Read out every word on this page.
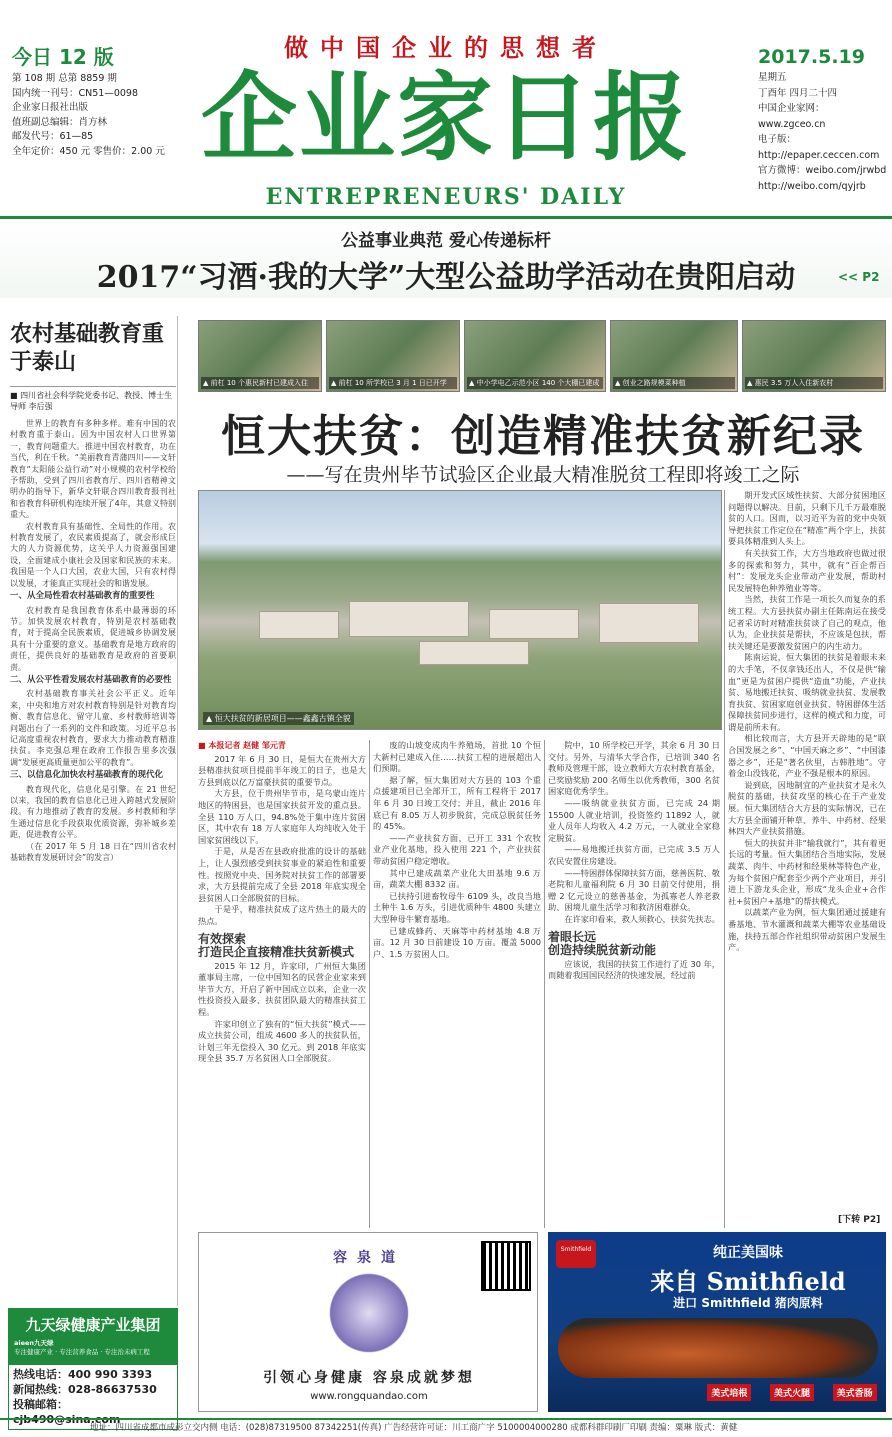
今日 12 版
第 108 期 总第 8859 期
国内统一刊号：CN51—0098
企业家日报社出版
值班副总编辑：肖方林
邮发代号：61—85
全年定价：450 元 零售价：2.00 元
做中国企业的思想者
企业家日报
ENTREPRENEURS' DAILY
2017.5.19
星期五
丁酉年 四月二十四
中国企业家网：www.zgceo.cn
电子版：
http://epaper.ceccen.com
官方微博：weibo.com/jrwbd
http://weibo.com/qyjrb
公益事业典范 爱心传递标杆
2017“习酒·我的大学”大型公益助学活动在贵阳启动	<< P2
农村基础教育重于泰山
■ 四川省社会科学院党委书记、教授、博士生导师 李后强

世界上的教育有多种多样。难有中国的农村教育重于泰山。因为中国农村人口世界第一，教育问题重大。推进中国农村教育，功在当代，利在千秋。“美丽教育青蒲四川——文轩教育“太阳能公益行动”对小规模的农村学校给予帮助，受到了四川省教育厅、四川省精神文明办的指导下，新华文轩联合四川教育报刊社和省教育科研机构连续开展了4年，其意义特别重大。

农村教育具有基础性、全局性的作用。农村教育发展了，农民素质提高了，就会形成巨大的人力资源优势，这关乎人力资源强国建设，全面建成小康社会及国家和民族的未来。我国是一个人口大国，农业大国，只有农村得以发展，才能真正实现社会的和谐发展。

一、从全局性看农村基础教育的重要性

农村教育是我国教育体系中最薄弱的环节。加快发展农村教育，特别是农村基础教育，对于提高全民族素质，促进城乡协调发展具有十分重要的意义。基础教育是地方政府的责任，提供良好的基础教育是政府的首要职责。

二、从公平性看发展农村基础教育的必要性

农村基础教育事关社会公平正义。近年来，中央和地方对农村教育特别是针对教育均衡、教育信息化、留守儿童、乡村教师培训等问题出台了一系列的文件和政策。习近平总书记高度重视农村教育，要求大力推动教育精准扶贫。李克强总理在政府工作报告里多次强调“发展更高质量更加公平的教育”。

三、以信息化加快农村基础教育的现代化

教育现代化，信息化是引擎。在 21 世纪以来，我国的教育信息化已进入跨越式发展阶段。有力地推动了教育的发展。乡村教师和学生通过信息化手段获取优质资源，弥补城乡差距，促进教育公平。

（在 2017 年 5 月 18 日在“四川省农村基础教育发展研讨会”的发言）

▲ 前杠 10 个惠民新村已建成入住	▲ 前杠 10 所学校已 3 月 1 日已开学	▲ 中小学电乙示范小区 140 个大棚已建成	▲ 创业之路规模菜种植	▲ 惠民 3.5 万人入住新农村
恒大扶贫：创造精准扶贫新纪录
——写在贵州毕节试验区企业最大精准脱贫工程即将竣工之际
▲ 恒大扶贫的新居项目——鑫鑫古镇全貌
■ 本报记者 赵健 邹元青

2017 年 6 月 30 日，是恒大在贵州大方县精准扶贫项目提前半年竣工的日子，也是大方县到底以亿万富豪扶贫的重要节点。

大方县，位于贵州毕节市，是乌蒙山连片地区的特困县，也是国家扶贫开发的重点县。全县 110 万人口，94.8%处于集中连片贫困区，其中农有 18 万人家庭年人均纯收入处于国家贫困线以下。

于是，从是否在县政府批准的设计的基础上，让人强烈感受到扶贫事业的紧迫性和重要性。按照党中央、国务院对扶贫工作的部署要求，大方县提前完成了全县 2018 年底实现全县贫困人口全部脱贫的目标。

于是乎，精准扶贫成了这片热土的最大的热点。

有效探索
打造民企直接精准扶贫新模式

2015 年 12 月，许家印，广州恒大集团董事局主席，一位中国知名的民营企业家来到毕节大方，开启了新中国成立以来，企业一次性投资投入最多、扶贫团队最大的精准扶贫工程。

许家印创立了独有的“恒大扶贫”模式——成立扶贫公司，组成 4600 多人的扶贫队伍，计划三年无偿投入 30 亿元。到 2018 年底实现全县 35.7 万名贫困人口全部脱贫。

废的山坡变成肉牛养殖场，首批 10 个恒大新村已建成入住……扶贫工程的进展超出人们预期。

据了解，恒大集团对大方县的 103 个重点援建项目已全部开工，所有工程将于 2017 年 6 月 30 日竣工交付；并且，截止 2016 年底已有 8.05 万人初步脱贫，完成总脱贫任务的 45%。

——产业扶贫方面，已开工 331 个农牧业产业化基地，投入使用 221 个，产业扶贫带动贫困户稳定增收。

其中已建成蔬菜产业化大田基地 9.6 万亩，蔬菜大棚 8332 亩。

已扶持引进畜牧母牛 6109 头，改良当地土种牛 1.6 万头，引进优质种牛 4800 头建立大型种母牛繁育基地。

已建成蜂药、天麻等中药材基地 4.8 万亩。12 月 30 日前建设 10 万亩。覆盖 5000 户、1.5 万贫困人口。

院中，10 所学校已开学，其余 6 月 30 日交付。另外，与清华大学合作，已培训 340 名教师及管理干部，设立教师大方农村教育基金，已奖励奖励 200 名师生以优秀教师，300 名贫困家庭优秀学生。

——吸纳就业扶贫方面，已完成 24 期 15500 人就业培训，投资签约 11892 人，就业人员年人均收入 4.2 万元，一人就业全家稳定脱贫。

——易地搬迁扶贫方面，已完成 3.5 万人农民安置住房建设。

——特困群体保障扶贫方面，慈善医院、敬老院和儿童福利院 6 月 30 日前交付使用，捐赠 2 亿元设立的慈善基金，为孤寡老人养老救助、困境儿童生活学习和救济困难群众。

在许家印看来，救人须救心，扶贫先扶志。

着眼长远
创造持续脱贫新动能

应该说，我国的扶贫工作进行了近 30 年，而随着我国国民经济的快速发展，经过前

期开发式区域性扶贫、大部分贫困地区问题得以解决。目前，只剩下几千万最难脱贫的人口。因而，以习近平为首的党中央领导把扶贫工作定位在“精准”两个字上，扶贫要具体精准到人头上。

有关扶贫工作，大方当地政府也做过很多的探索和努力，其中，就有“百企帮百村”：发展龙头企业带动产业发展，帮助村民发展特色种养殖业等等。

当然，扶贫工作是一项长久而复杂的系统工程。大方县扶贫办副主任陈南运在接受记者采访时对精准扶贫谈了自己的观点，他认为，企业扶贫是帮扶，不应该是包扶，帮扶关键还是要激发贫困户的内生动力。

陈南运说，恒大集团的扶贫是着眼未来的大手笔，不仅拿钱还出人，不仅是供“输血”更是为贫困户提供“造血”功能，产业扶贫、易地搬迁扶贫、吸纳就业扶贫、发展教育扶贫、贫困家庭创业扶贫、特困群体生活保障扶贫同步进行，这样的模式和力度，可谓是前所未有。

相比较而言，大方县开天辟地的是“联合国发展之乡”、“中国天麻之乡”、“中国漆器之乡”，还是“著名伙里，古韩胜地”。守着金山没钱花，产业不强是根本的原因。

说到底，因地制宜的产业扶贫才是永久脱贫的基础，扶贫攻坚的核心在于产业发展。恒大集团结合大方县的实际情况，已在大方县全面铺开种草、养牛、中药材、经果林四大产业扶贫措施。

恒大的扶贫并非“输我就行”，其有着更长远的考量。恒大集团结合当地实际，发展蔬菜、肉牛、中药材和经果林等特色产业，为每个贫困户配套至少两个产业项目，并引进上下游龙头企业，形成“龙头企业+合作社+贫困户+基地”的帮扶模式。

以蔬菜产业为例，恒大集团通过援建有番基地、节水灌溉和蔬菜大棚等农业基础设施，扶持五部合作社组织带动贫困户发展生产。

[下转 P2]
九天绿健康产业集团
aieen九天绿
专注健康产业 · 专注营养食品 · 专注治未病工程
热线电话：400 990 3393
新闻热线：028-86637530
投稿邮箱：cjb490@sina.com
容泉道
引领心身健康 容泉成就梦想
www.rongquandao.com
Smithfield	纯正美国味
来自 Smithfield
进口 Smithfield 猪肉原料
美式培根	美式火腿	美式香肠
地址：四川省成都市成彭立交内侧 电话：(028)87319500 87342251(传真) 广告经营许可证：川工商广字 5100004000280 成都科群印刷厂印刷 责编：粟琳 版式：黄健
